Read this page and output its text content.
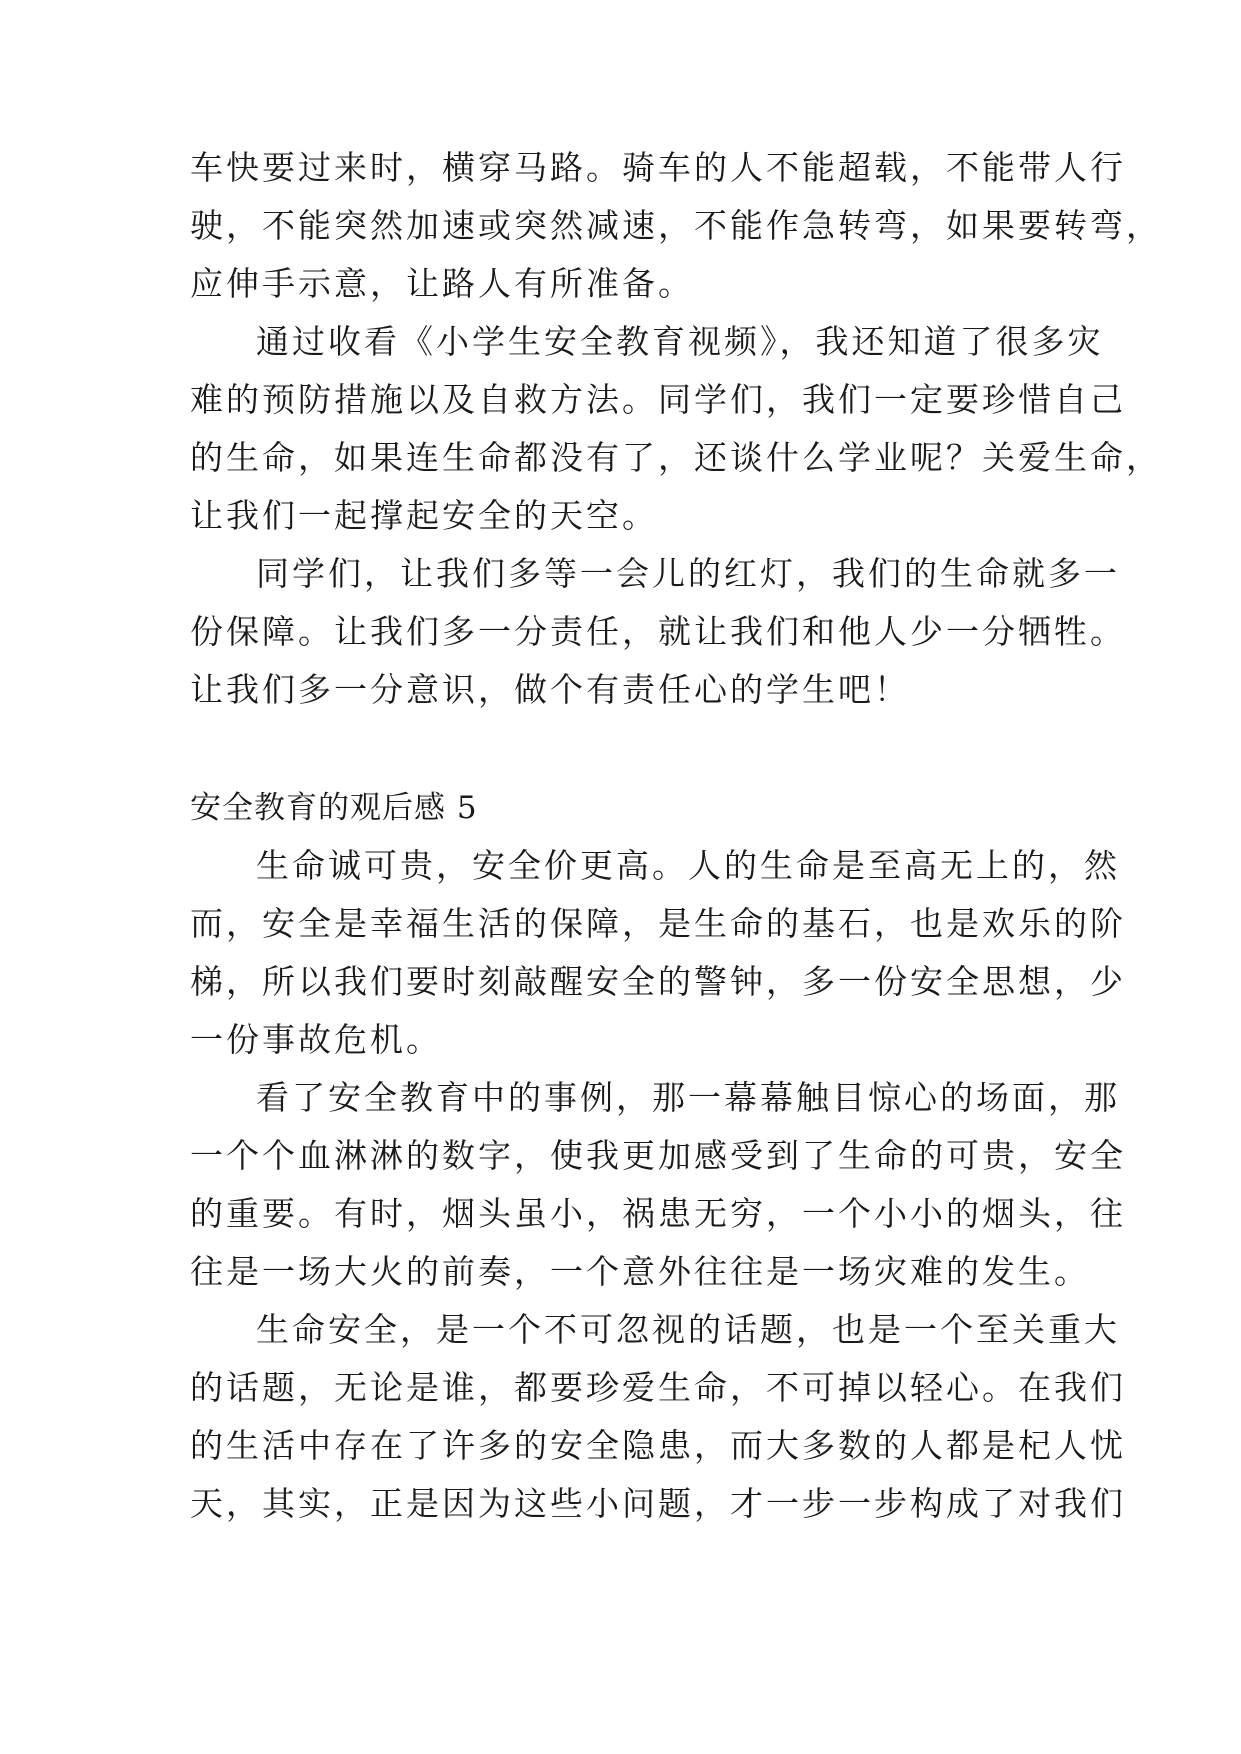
车快要过来时，横穿马路。骑车的人不能超载，不能带人行
驶，不能突然加速或突然减速，不能作急转弯，如果要转弯，
应伸手示意，让路人有所准备。
通过收看《小学生安全教育视频》，我还知道了很多灾
难的预防措施以及自救方法。同学们，我们一定要珍惜自己
的生命，如果连生命都没有了，还谈什么学业呢？关爱生命，
让我们一起撑起安全的天空。
同学们，让我们多等一会儿的红灯，我们的生命就多一
份保障。让我们多一分责任，就让我们和他人少一分牺牲。
让我们多一分意识，做个有责任心的学生吧！
安全教育的观后感 5
生命诚可贵，安全价更高。人的生命是至高无上的，然
而，安全是幸福生活的保障，是生命的基石，也是欢乐的阶
梯，所以我们要时刻敲醒安全的警钟，多一份安全思想，少
一份事故危机。
看了安全教育中的事例，那一幕幕触目惊心的场面，那
一个个血淋淋的数字，使我更加感受到了生命的可贵，安全
的重要。有时，烟头虽小，祸患无穷，一个小小的烟头，往
往是一场大火的前奏，一个意外往往是一场灾难的发生。
生命安全，是一个不可忽视的话题，也是一个至关重大
的话题，无论是谁，都要珍爱生命，不可掉以轻心。在我们
的生活中存在了许多的安全隐患，而大多数的人都是杞人忧
天，其实，正是因为这些小问题，才一步一步构成了对我们
